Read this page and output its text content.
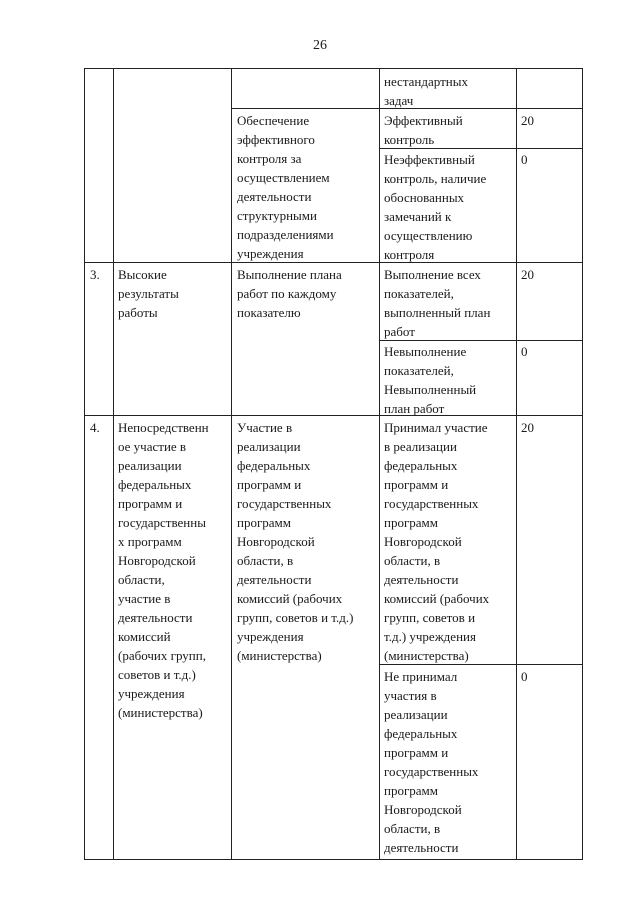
26
нестандартных
задач
Обеспечение
эффективного
контроля за
осуществлением
деятельности
структурными
подразделениями
учреждения
Эффективный
контроль
20
Неэффективный
контроль, наличие
обоснованных
замечаний к
осуществлению
контроля
0
3.	Высокие
результаты
работы
Выполнение плана
работ по каждому
показателю
Выполнение всех
показателей,
выполненный план
работ
20
Невыполнение
показателей,
Невыполненный
план работ
0
4.	Непосредственн
ое участие в
реализации
федеральных
программ и
государственны
х программ
Новгородской
области,
участие в
деятельности
комиссий
(рабочих групп,
советов и т.д.)
учреждения
(министерства)
Участие в
реализации
федеральных
программ и
государственных
программ
Новгородской
области, в
деятельности
комиссий (рабочих
групп, советов и т.д.)
учреждения
(министерства)
Принимал участие
в реализации
федеральных
программ и
государственных
программ
Новгородской
области, в
деятельности
комиссий (рабочих
групп, советов и
т.д.) учреждения
(министерства)
20
Не принимал
участия в
реализации
федеральных
программ и
государственных
программ
Новгородской
области, в
деятельности
0
